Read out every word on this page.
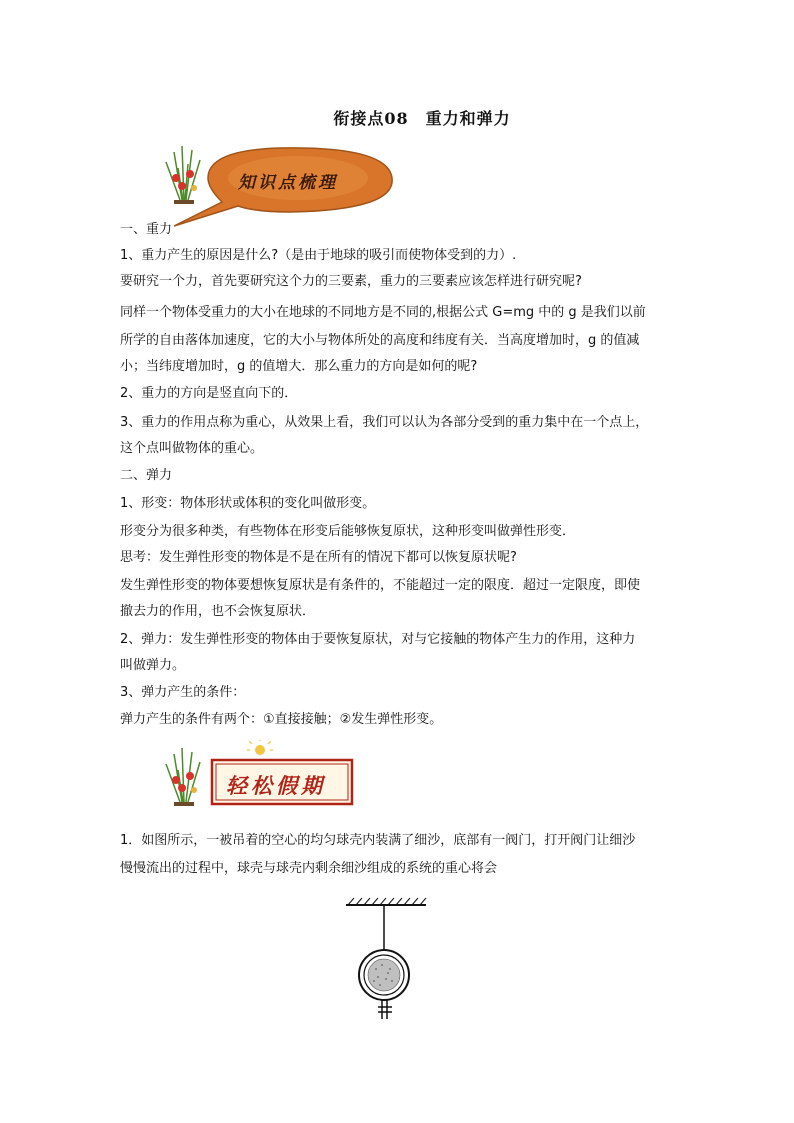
衔接点08　重力和弹力
知识点梳理
一、重力
1、重力产生的原因是什么?（是由于地球的吸引而使物体受到的力）.
要研究一个力，首先要研究这个力的三要素，重力的三要素应该怎样进行研究呢?
同样一个物体受重力的大小在地球的不同地方是不同的,根据公式 G=mg 中的 g 是我们以前
所学的自由落体加速度，它的大小与物体所处的高度和纬度有关．当高度增加时，g 的值减
小；当纬度增加时，g 的值增大．那么重力的方向是如何的呢?
2、重力的方向是竖直向下的．
3、重力的作用点称为重心，从效果上看，我们可以认为各部分受到的重力集中在一个点上，
这个点叫做物体的重心。
二、弹力
1、形变：物体形状或体积的变化叫做形变。
形变分为很多种类，有些物体在形变后能够恢复原状，这种形变叫做弹性形变．
思考：发生弹性形变的物体是不是在所有的情况下都可以恢复原状呢?
发生弹性形变的物体要想恢复原状是有条件的，不能超过一定的限度．超过一定限度，即使
撤去力的作用，也不会恢复原状．
2、弹力：发生弹性形变的物体由于要恢复原状，对与它接触的物体产生力的作用，这种力
叫做弹力。
3、弹力产生的条件：
弹力产生的条件有两个：①直接接触；②发生弹性形变。
轻松假期
1．如图所示，一被吊着的空心的均匀球壳内装满了细沙，底部有一阀门，打开阀门让细沙
慢慢流出的过程中，球壳与球壳内剩余细沙组成的系统的重心将会
